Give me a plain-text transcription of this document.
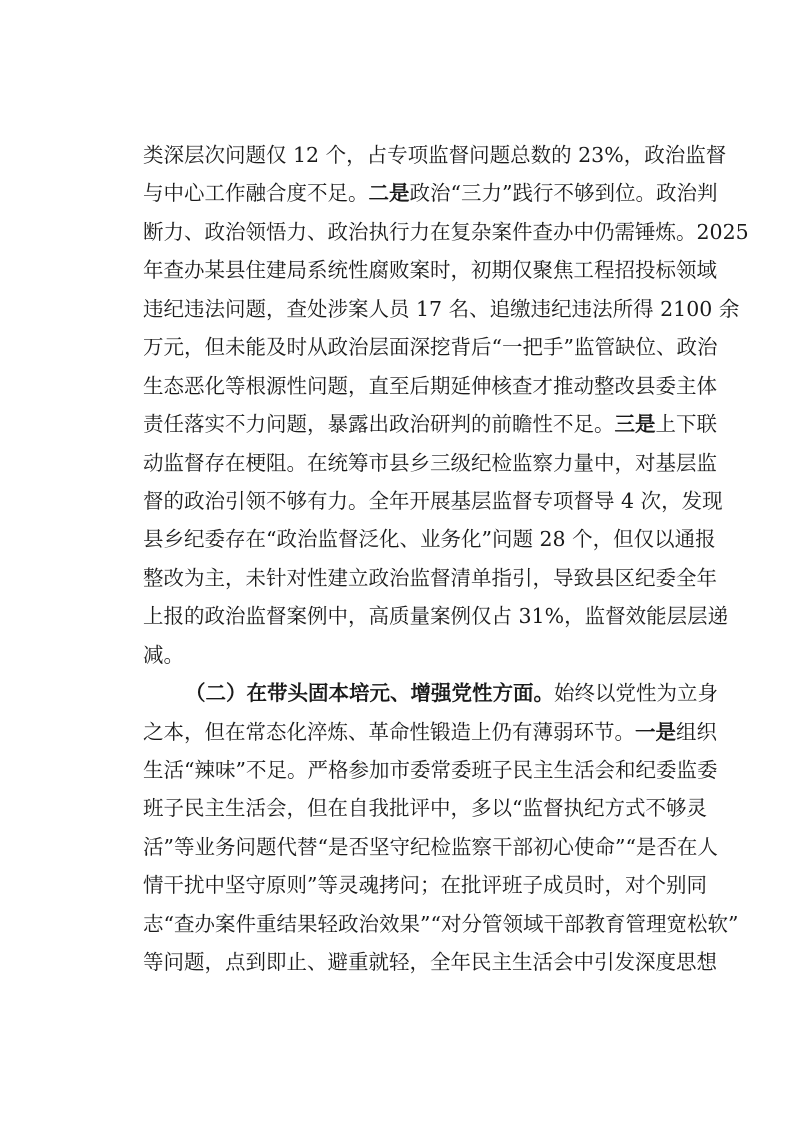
类深层次问题仅 12 个，占专项监督问题总数的 23%，政治监督
与中心工作融合度不足。二是政治“三力”践行不够到位。政治判
断力、政治领悟力、政治执行力在复杂案件查办中仍需锤炼。2025
年查办某县住建局系统性腐败案时，初期仅聚焦工程招投标领域
违纪违法问题，查处涉案人员 17 名、追缴违纪违法所得 2100 余
万元，但未能及时从政治层面深挖背后“一把手”监管缺位、政治
生态恶化等根源性问题，直至后期延伸核查才推动整改县委主体
责任落实不力问题，暴露出政治研判的前瞻性不足。三是上下联
动监督存在梗阻。在统筹市县乡三级纪检监察力量中，对基层监
督的政治引领不够有力。全年开展基层监督专项督导 4 次，发现
县乡纪委存在“政治监督泛化、业务化”问题 28 个，但仅以通报
整改为主，未针对性建立政治监督清单指引，导致县区纪委全年
上报的政治监督案例中，高质量案例仅占 31%，监督效能层层递
减。
（二）在带头固本培元、增强党性方面。始终以党性为立身
之本，但在常态化淬炼、革命性锻造上仍有薄弱环节。一是组织
生活“辣味”不足。严格参加市委常委班子民主生活会和纪委监委
班子民主生活会，但在自我批评中，多以“监督执纪方式不够灵
活”等业务问题代替“是否坚守纪检监察干部初心使命”“是否在人
情干扰中坚守原则”等灵魂拷问；在批评班子成员时，对个别同
志“查办案件重结果轻政治效果”“对分管领域干部教育管理宽松软”
等问题，点到即止、避重就轻，全年民主生活会中引发深度思想
